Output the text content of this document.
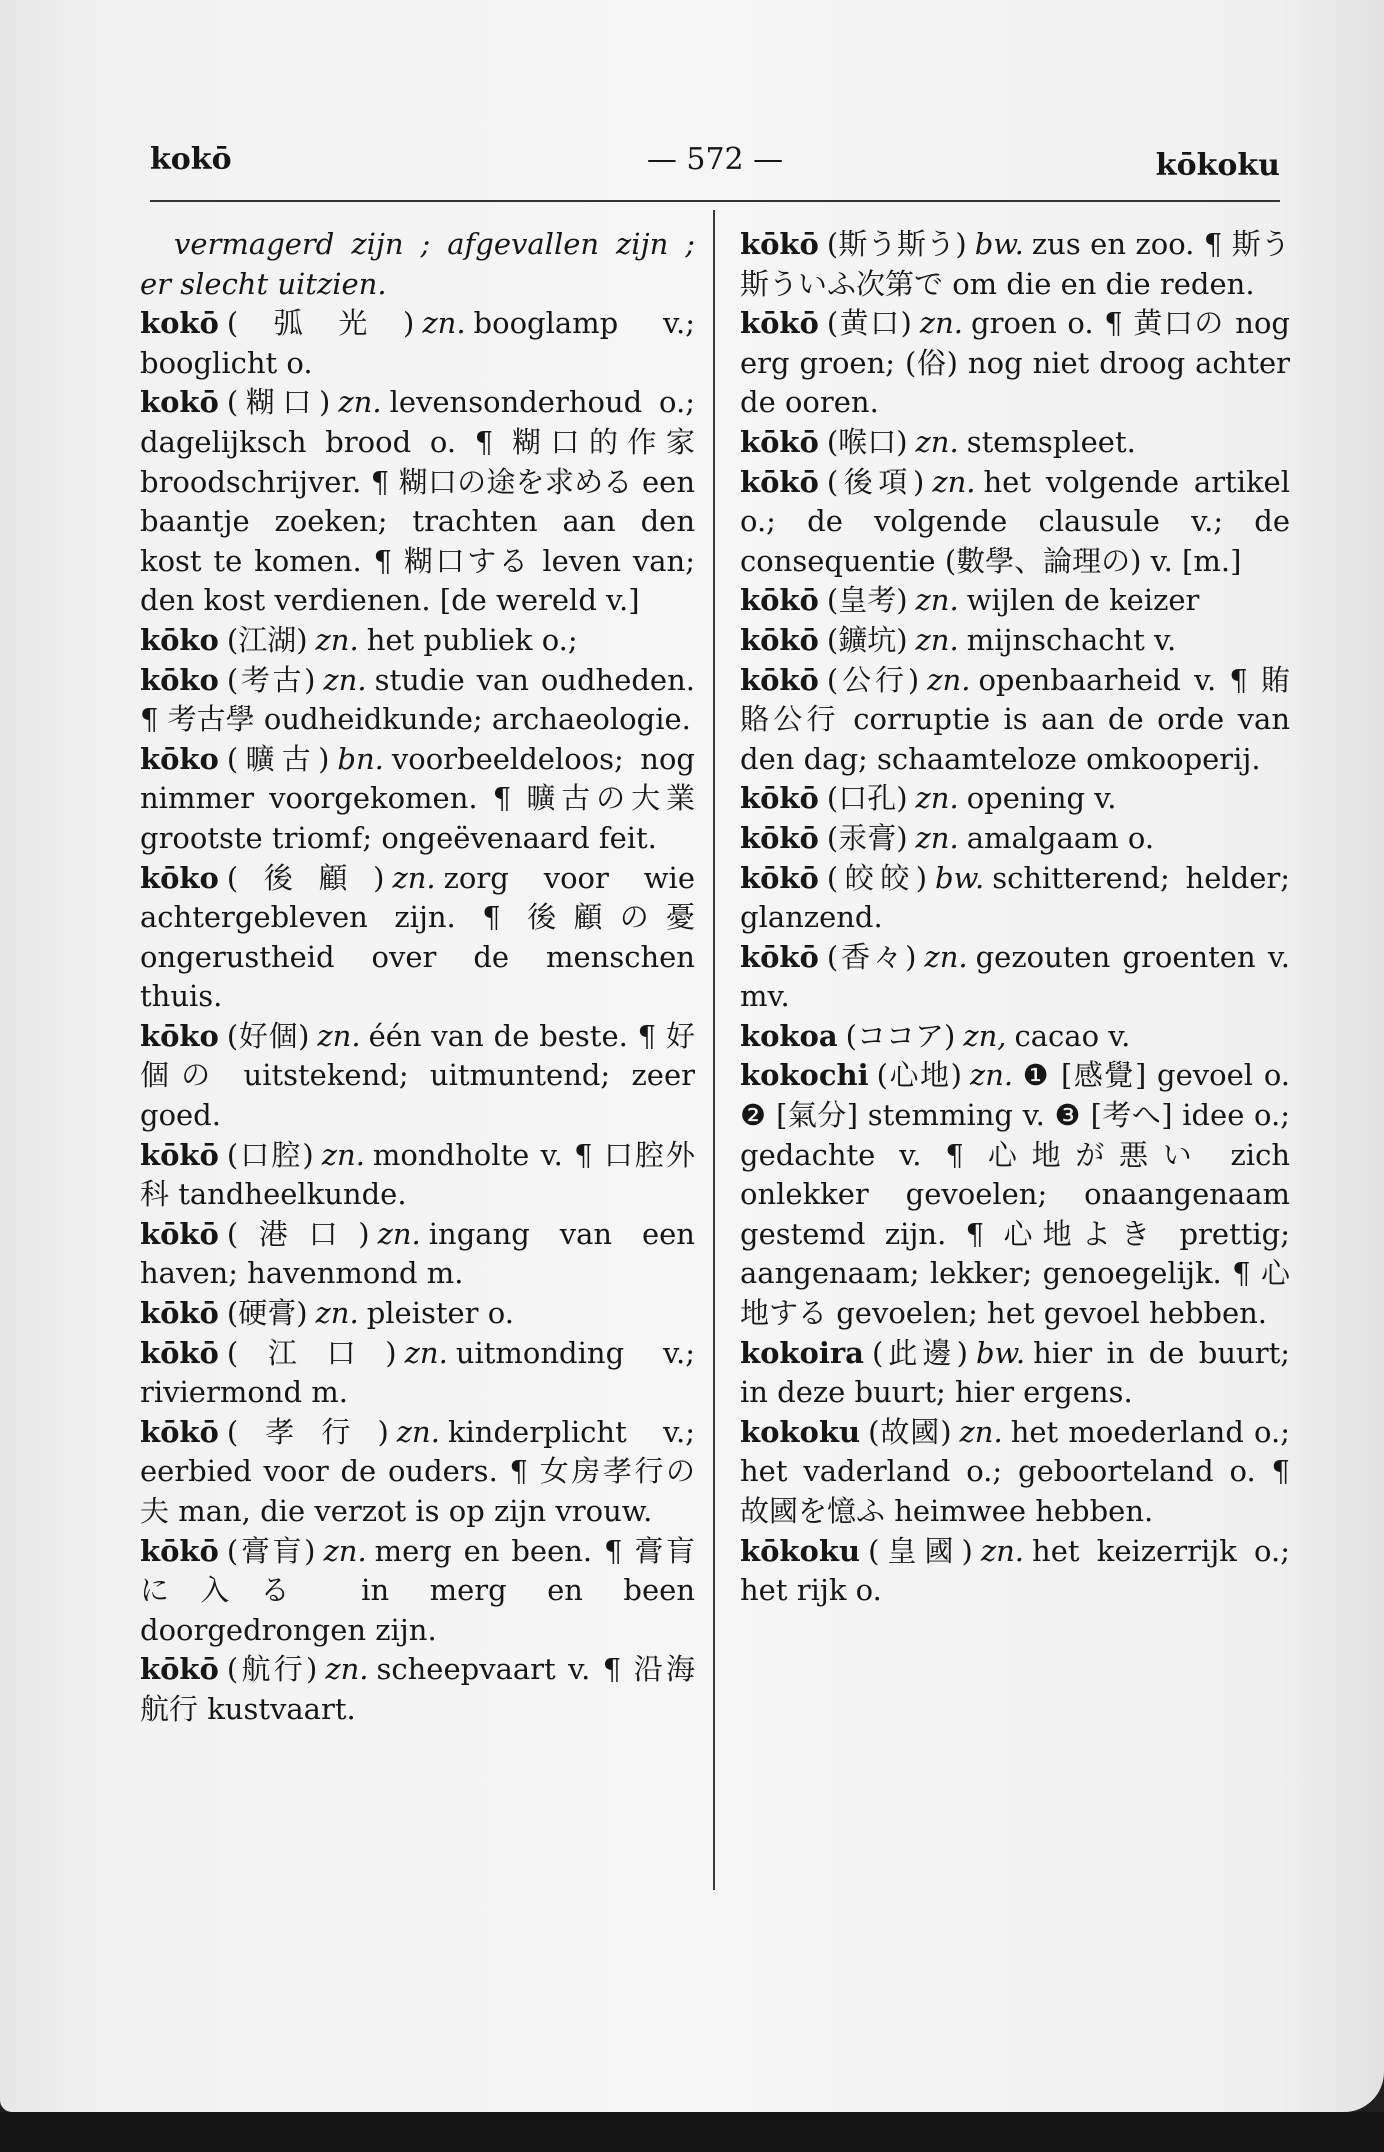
kokō	— 572 —	kōkoku

vermagerd zijn ; afgevallen zijn ; er slecht uitzien.

kokō (弧光) zn. booglamp v.; booglicht o.

kokō (糊口) zn. levensonderhoud o.; dagelijksch brood o. ¶ 糊口的作家 broodschrijver. ¶ 糊口の途を求める een baantje zoeken; trachten aan den kost te komen. ¶ 糊口する leven van; den kost verdienen. [de wereld v.]

kōko (江湖) zn. het publiek o.;

kōko (考古) zn. studie van oudheden. ¶ 考古學 oudheidkunde; archaeologie.

kōko (曠古) bn. voorbeeldeloos; nog nimmer voorgekomen. ¶ 曠古の大業 grootste triomf; ongeëvenaard feit.

kōko (後顧) zn. zorg voor wie achtergebleven zijn. ¶ 後顧の憂 ongerustheid over de menschen thuis.

kōko (好個) zn. één van de beste. ¶ 好個の uitstekend; uitmuntend; zeer goed.

kōkō (口腔) zn. mondholte v. ¶ 口腔外科 tandheelkunde.

kōkō (港口) zn. ingang van een haven; havenmond m.

kōkō (硬膏) zn. pleister o.

kōkō (江口) zn. uitmonding v.; riviermond m.

kōkō (孝行) zn. kinderplicht v.; eerbied voor de ouders. ¶ 女房孝行の夫 man, die verzot is op zijn vrouw.

kōkō (膏肓) zn. merg en been. ¶ 膏肓に入る in merg en been doorgedrongen zijn.

kōkō (航行) zn. scheepvaart v. ¶ 沿海航行 kustvaart.

kōkō (斯う斯う) bw. zus en zoo. ¶ 斯う斯ういふ次第で om die en die reden.

kōkō (黄口) zn. groen o. ¶ 黄口の nog erg groen; (俗) nog niet droog achter de ooren.

kōkō (喉口) zn. stemspleet.

kōkō (後項) zn. het volgende artikel o.; de volgende clausule v.; de consequentie (數學、論理の) v. [m.]

kōkō (皇考) zn. wijlen de keizer

kōkō (鑛坑) zn. mijnschacht v.

kōkō (公行) zn. openbaarheid v. ¶ 賄賂公行 corruptie is aan de orde van den dag; schaamteloze omkooperij.

kōkō (口孔) zn. opening v.

kōkō (汞膏) zn. amalgaam o.

kōkō (皎皎) bw. schitterend; helder; glanzend.

kōkō (香々) zn. gezouten groenten v. mv.

kokoa (ココア) zn, cacao v.

kokochi (心地) zn. ❶ [感覺] gevoel o. ❷ [氣分] stemming v. ❸ [考へ] idee o.; gedachte v. ¶ 心地が悪い zich onlekker gevoelen; onaangenaam gestemd zijn. ¶ 心地よき prettig; aangenaam; lekker; genoegelijk. ¶ 心地する gevoelen; het gevoel hebben.

kokoira (此邊) bw. hier in de buurt; in deze buurt; hier ergens.

kokoku (故國) zn. het moederland o.; het vaderland o.; geboorteland o. ¶ 故國を憶ふ heimwee hebben.

kōkoku (皇國) zn. het keizerrijk o.; het rijk o.
